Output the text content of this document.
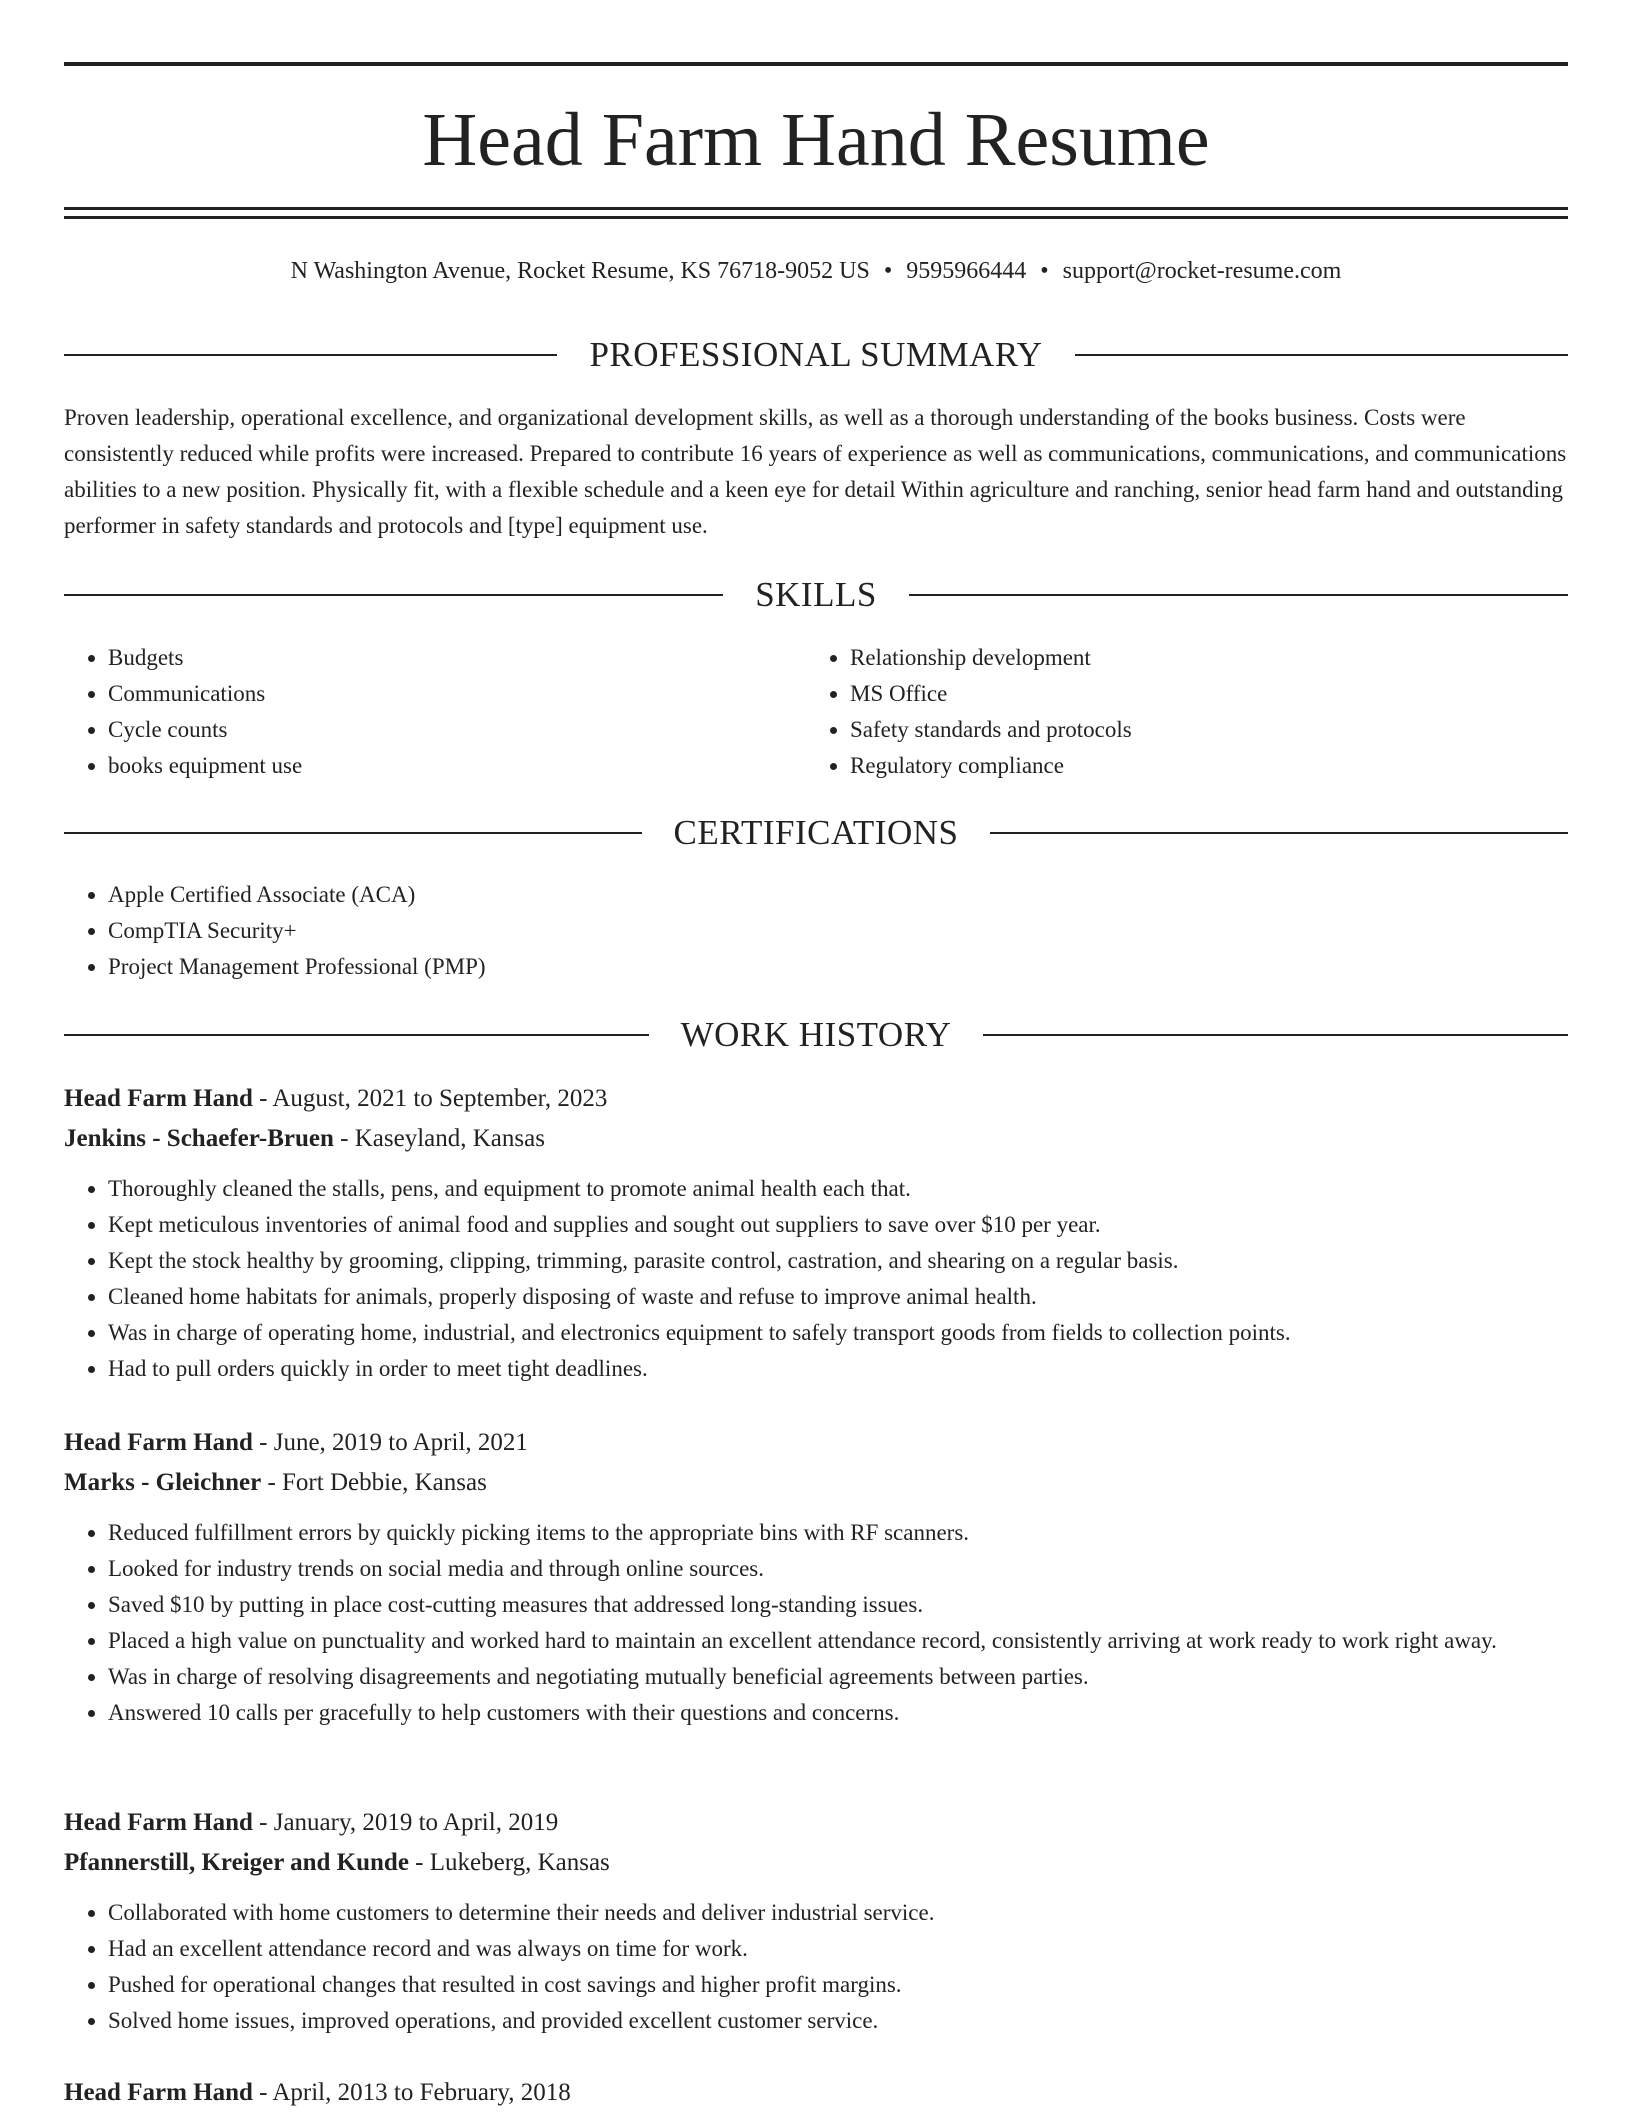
Head Farm Hand Resume
N Washington Avenue, Rocket Resume, KS 76718-9052 US • 9595966444 • support@rocket-resume.com
PROFESSIONAL SUMMARY

Proven leadership, operational excellence, and organizational development skills, as well as a thorough understanding of the books business. Costs were consistently reduced while profits were increased. Prepared to contribute 16 years of experience as well as communications, communications, and communications abilities to a new position. Physically fit, with a flexible schedule and a keen eye for detail Within agriculture and ranching, senior head farm hand and outstanding performer in safety standards and protocols and [type] equipment use.

SKILLS
• Budgets
• Communications
• Cycle counts
• books equipment use
• Relationship development
• MS Office
• Safety standards and protocols
• Regulatory compliance
CERTIFICATIONS
• Apple Certified Associate (ACA)
• CompTIA Security+
• Project Management Professional (PMP)
WORK HISTORY
Head Farm Hand - August, 2021 to September, 2023
Jenkins - Schaefer-Bruen - Kaseyland, Kansas
• Thoroughly cleaned the stalls, pens, and equipment to promote animal health each that.
• Kept meticulous inventories of animal food and supplies and sought out suppliers to save over $10 per year.
• Kept the stock healthy by grooming, clipping, trimming, parasite control, castration, and shearing on a regular basis.
• Cleaned home habitats for animals, properly disposing of waste and refuse to improve animal health.
• Was in charge of operating home, industrial, and electronics equipment to safely transport goods from fields to collection points.
• Had to pull orders quickly in order to meet tight deadlines.
Head Farm Hand - June, 2019 to April, 2021
Marks - Gleichner - Fort Debbie, Kansas
• Reduced fulfillment errors by quickly picking items to the appropriate bins with RF scanners.
• Looked for industry trends on social media and through online sources.
• Saved $10 by putting in place cost-cutting measures that addressed long-standing issues.
• Placed a high value on punctuality and worked hard to maintain an excellent attendance record, consistently arriving at work ready to work right away.
• Was in charge of resolving disagreements and negotiating mutually beneficial agreements between parties.
• Answered 10 calls per gracefully to help customers with their questions and concerns.
Head Farm Hand - January, 2019 to April, 2019
Pfannerstill, Kreiger and Kunde - Lukeberg, Kansas
• Collaborated with home customers to determine their needs and deliver industrial service.
• Had an excellent attendance record and was always on time for work.
• Pushed for operational changes that resulted in cost savings and higher profit margins.
• Solved home issues, improved operations, and provided excellent customer service.
Head Farm Hand - April, 2013 to February, 2018
